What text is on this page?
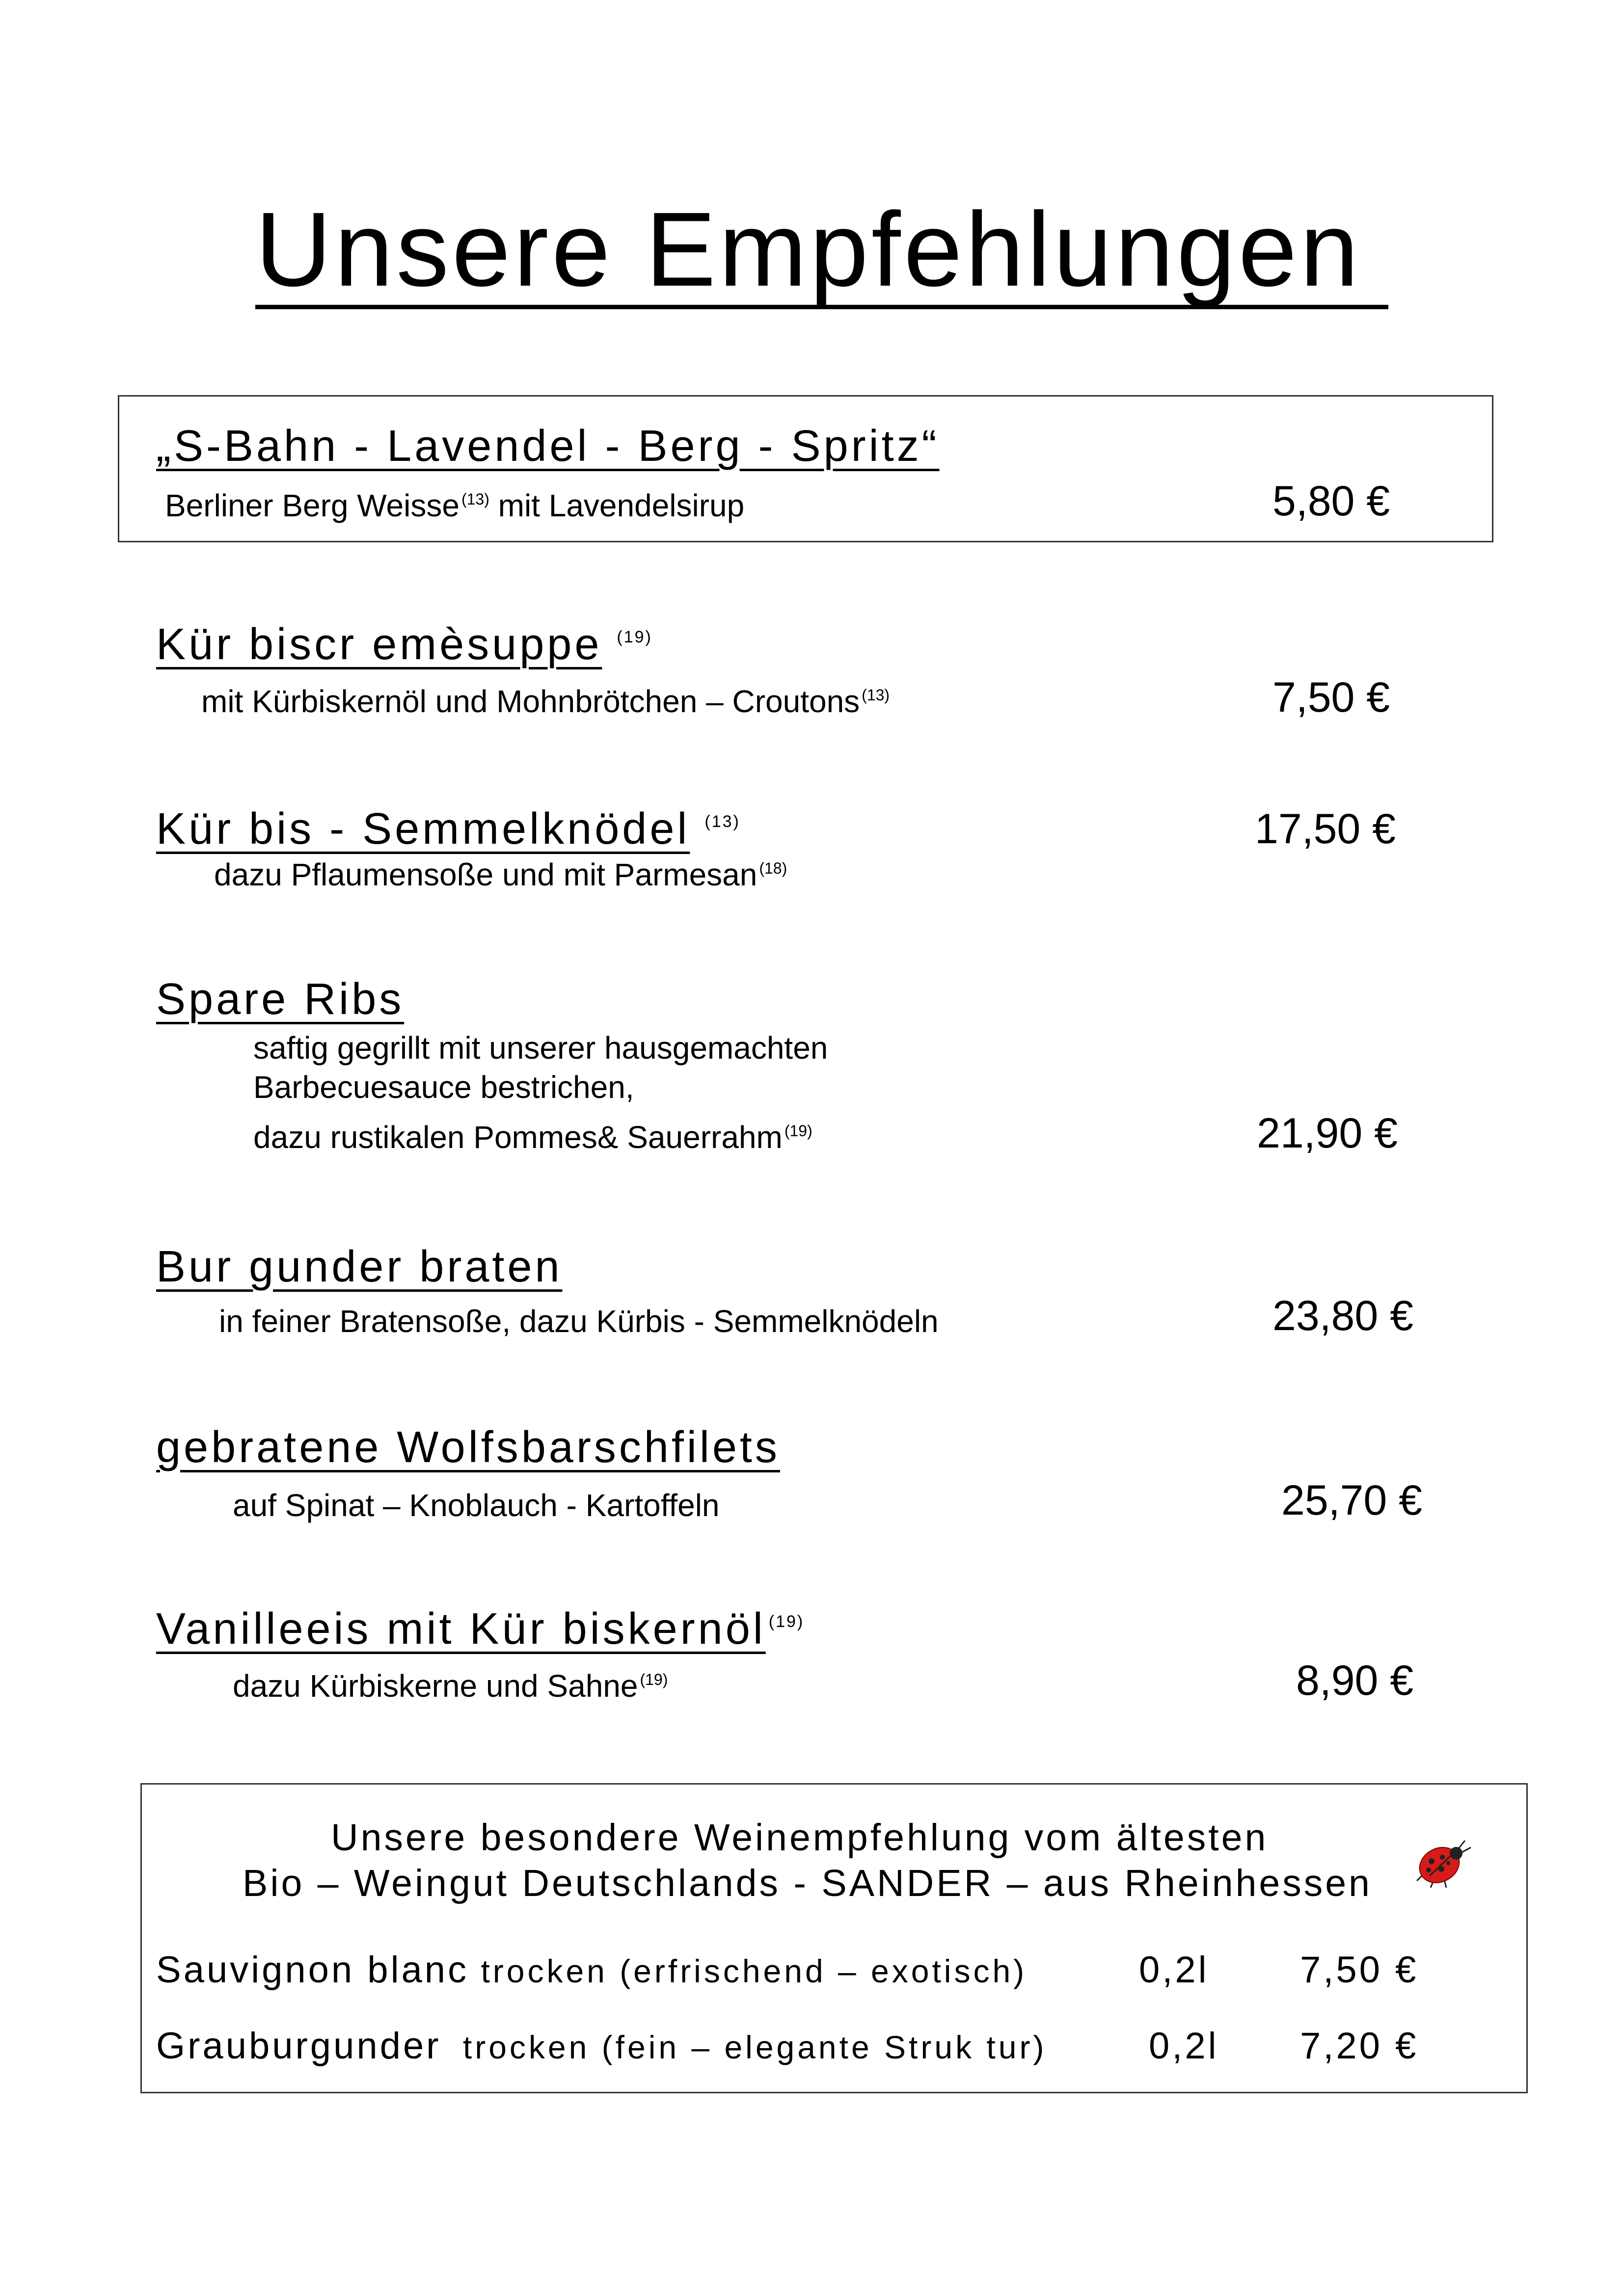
Unsere Empfehlungen
„S-Bahn - Lavendel - Berg - Spritz“
Berliner Berg Weisse $^{(13)}$ mit Lavendelsirup	5,80 €
Kür biscr emèsuppe (19)
mit Kürbiskernöl und Mohnbrötchen – Croutons $^{(13)}$	7,50 €
Kür bis - Semmelknödel (13)
dazu Pflaumensoße und mit Parmesan $^{(18)}$
17,50 €
Spare Ribs
saftig gegrillt mit unserer hausgemachten
Barbecuesauce bestrichen,
dazu rustikalen Pommes& Sauerrahm $^{(19)}$	21,90 €
Bur gunder braten
in feiner Bratensoße, dazu Kürbis - Semmelknödeln	23,80 €
gebratene Wolfsbarschfilets
auf Spinat – Knoblauch - Kartoffeln	25,70 €
Vanilleeis mit Kür biskernöl (19)
dazu Kürbiskerne und Sahne $^{(19)}$	8,90 €
Unsere besondere Weinempfehlung vom ältesten
Bio – Weingut Deutschlands - SANDER – aus Rheinhessen
Sauvignon blanc trocken (erfrischend – exotisch)	0,2l 7,50 €
Grauburgunder trocken (fein – elegante Struk tur)	0,2l 7,20 €
